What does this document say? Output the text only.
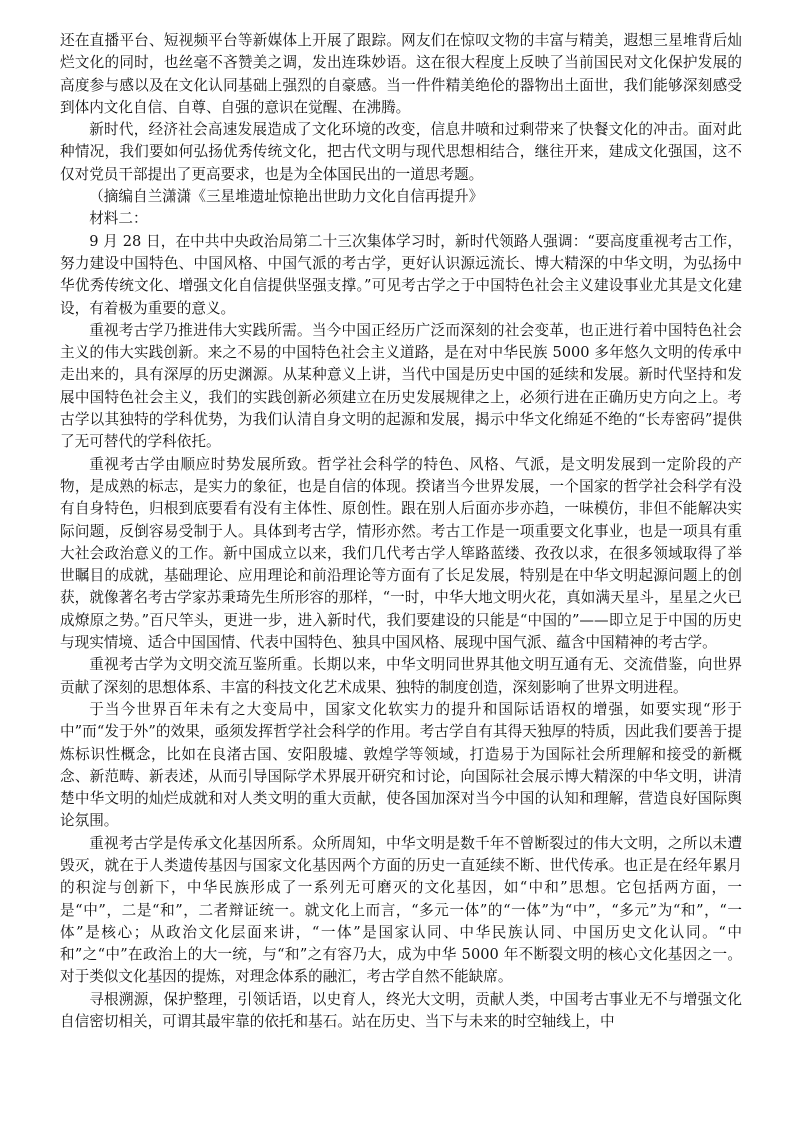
还在直播平台、短视频平台等新媒体上开展了跟踪。网友们在惊叹文物的丰富与精美，遐想三星堆背后灿烂文化的同时，也丝毫不吝赞美之调，发出连珠妙语。这在很大程度上反映了当前国民对文化保护发展的高度参与感以及在文化认同基础上强烈的自豪感。当一件件精美绝伦的器物出土面世，我们能够深刻感受到体内文化自信、自尊、自强的意识在觉醒、在沸腾。

新时代，经济社会高速发展造成了文化环境的改变，信息井喷和过剩带来了快餐文化的冲击。面对此种情况，我们要如何弘扬优秀传统文化，把古代文明与现代思想相结合，继往开来，建成文化强国，这不仅对党员干部提出了更高要求，也是为全体国民出的一道思考题。

（摘编自兰潇潇《三星堆遗址惊艳出世助力文化自信再提升》

材料二：

9 月 28 日，在中共中央政治局第二十三次集体学习时，新时代领路人强调：“要高度重视考古工作，努力建设中国特色、中国风格、中国气派的考古学，更好认识源远流长、博大精深的中华文明，为弘扬中华优秀传统文化、增强文化自信提供坚强支撑。”可见考古学之于中国特色社会主义建设事业尤其是文化建设，有着极为重要的意义。

重视考古学乃推进伟大实践所需。当今中国正经历广泛而深刻的社会变革，也正进行着中国特色社会主义的伟大实践创新。来之不易的中国特色社会主义道路，是在对中华民族 5000 多年悠久文明的传承中走出来的，具有深厚的历史渊源。从某种意义上讲，当代中国是历史中国的延续和发展。新时代坚持和发展中国特色社会主义，我们的实践创新必须建立在历史发展规律之上，必须行进在正确历史方向之上。考古学以其独特的学科优势，为我们认清自身文明的起源和发展，揭示中华文化绵延不绝的“长寿密码”提供了无可替代的学科依托。

重视考古学由顺应时势发展所致。哲学社会科学的特色、风格、气派，是文明发展到一定阶段的产物，是成熟的标志，是实力的象征，也是自信的体现。揆诸当今世界发展，一个国家的哲学社会科学有没有自身特色，归根到底要看有没有主体性、原创性。跟在别人后面亦步亦趋，一味模仿，非但不能解决实际问题，反倒容易受制于人。具体到考古学，情形亦然。考古工作是一项重要文化事业，也是一项具有重大社会政治意义的工作。新中国成立以来，我们几代考古学人筚路蓝缕、孜孜以求，在很多领域取得了举世瞩目的成就，基础理论、应用理论和前沿理论等方面有了长足发展，特别是在中华文明起源问题上的创获，就像著名考古学家苏秉琦先生所形容的那样，“一时，中华大地文明火花，真如满天星斗，星星之火已成燎原之势。”百尺竿头，更进一步，进入新时代，我们要建设的只能是“中国的”——即立足于中国的历史与现实情境、适合中国国情、代表中国特色、独具中国风格、展现中国气派、蕴含中国精神的考古学。

重视考古学为文明交流互鉴所重。长期以来，中华文明同世界其他文明互通有无、交流借鉴，向世界贡献了深刻的思想体系、丰富的科技文化艺术成果、独特的制度创造，深刻影响了世界文明进程。

于当今世界百年未有之大变局中，国家文化软实力的提升和国际话语权的增强，如要实现“形于中”而“发于外”的效果，亟须发挥哲学社会科学的作用。考古学自有其得天独厚的特质，因此我们要善于提炼标识性概念，比如在良渚古国、安阳殷墟、敦煌学等领域，打造易于为国际社会所理解和接受的新概念、新范畴、新表述，从而引导国际学术界展开研究和讨论，向国际社会展示博大精深的中华文明，讲清楚中华文明的灿烂成就和对人类文明的重大贡献，使各国加深对当今中国的认知和理解，营造良好国际舆论氛围。

重视考古学是传承文化基因所系。众所周知，中华文明是数千年不曾断裂过的伟大文明，之所以未遭毁灭，就在于人类遗传基因与国家文化基因两个方面的历史一直延续不断、世代传承。也正是在经年累月的积淀与创新下，中华民族形成了一系列无可磨灭的文化基因，如“中和”思想。它包括两方面，一是“中”，二是“和”，二者辩证统一。就文化上而言，“多元一体”的“一体”为“中”，“多元”为“和”，“一体”是核心；从政治文化层面来讲，“一体”是国家认同、中华民族认同、中国历史文化认同。“中和”之“中”在政治上的大一统，与“和”之有容乃大，成为中华 5000 年不断裂文明的核心文化基因之一。对于类似文化基因的提炼，对理念体系的融汇，考古学自然不能缺席。

寻根溯源，保护整理，引领话语，以史育人，终光大文明，贡献人类，中国考古事业无不与增强文化自信密切相关，可谓其最牢靠的依托和基石。站在历史、当下与未来的时空轴线上，中
